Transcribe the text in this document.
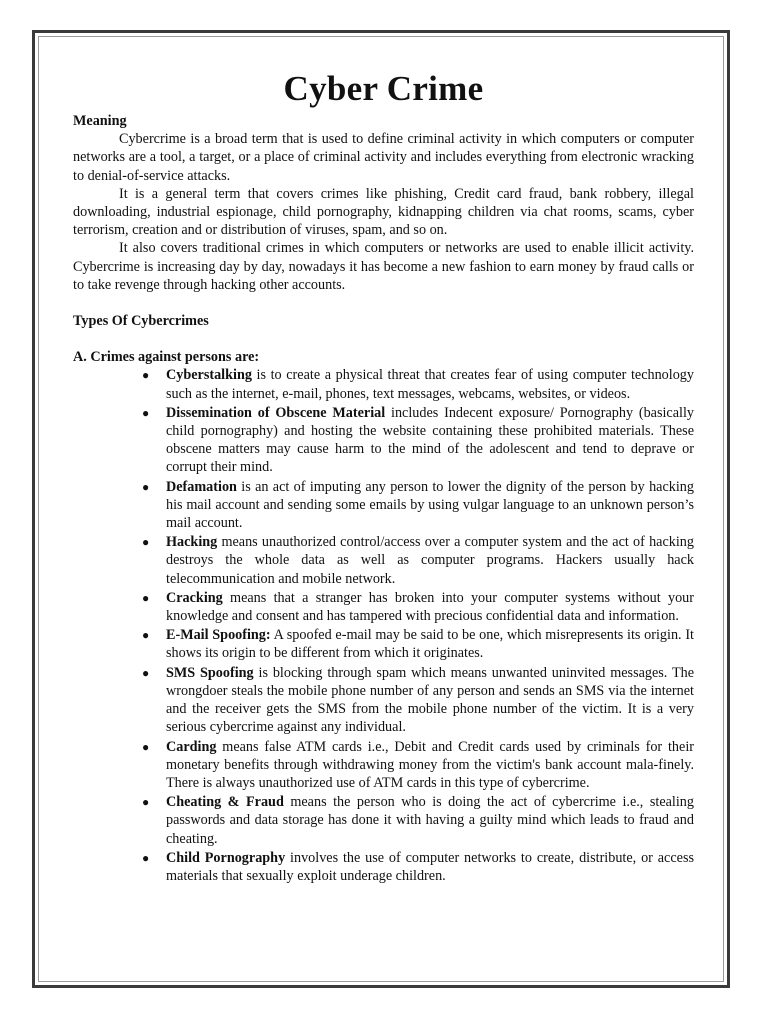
Cyber Crime
Meaning

Cybercrime is a broad term that is used to define criminal activity in which computers or computer networks are a tool, a target, or a place of criminal activity and includes everything from electronic wracking to denial-of-service attacks.

It is a general term that covers crimes like phishing, Credit card fraud, bank robbery, illegal downloading, industrial espionage, child pornography, kidnapping children via chat rooms, scams, cyber terrorism, creation and or distribution of viruses, spam, and so on.

It also covers traditional crimes in which computers or networks are used to enable illicit activity. Cybercrime is increasing day by day, nowadays it has become a new fashion to earn money by fraud calls or to take revenge through hacking other accounts.

Types Of Cybercrimes
A. Crimes against persons are:
● Cyberstalking is to create a physical threat that creates fear of using computer technology such as the internet, e-mail, phones, text messages, webcams, websites, or videos.
● Dissemination of Obscene Material includes Indecent exposure/ Pornography (basically child pornography) and hosting the website containing these prohibited materials. These obscene matters may cause harm to the mind of the adolescent and tend to deprave or corrupt their mind.
● Defamation is an act of imputing any person to lower the dignity of the person by hacking his mail account and sending some emails by using vulgar language to an unknown person’s mail account.
● Hacking means unauthorized control/access over a computer system and the act of hacking destroys the whole data as well as computer programs. Hackers usually hack telecommunication and mobile network.
● Cracking means that a stranger has broken into your computer systems without your knowledge and consent and has tampered with precious confidential data and information.
● E-Mail Spoofing: A spoofed e-mail may be said to be one, which misrepresents its origin. It shows its origin to be different from which it originates.
● SMS Spoofing is blocking through spam which means unwanted uninvited messages. The wrongdoer steals the mobile phone number of any person and sends an SMS via the internet and the receiver gets the SMS from the mobile phone number of the victim. It is a very serious cybercrime against any individual.
● Carding means false ATM cards i.e., Debit and Credit cards used by criminals for their monetary benefits through withdrawing money from the victim's bank account mala-finely. There is always unauthorized use of ATM cards in this type of cybercrime.
● Cheating & Fraud means the person who is doing the act of cybercrime i.e., stealing passwords and data storage has done it with having a guilty mind which leads to fraud and cheating.
● Child Pornography involves the use of computer networks to create, distribute, or access materials that sexually exploit underage children.
